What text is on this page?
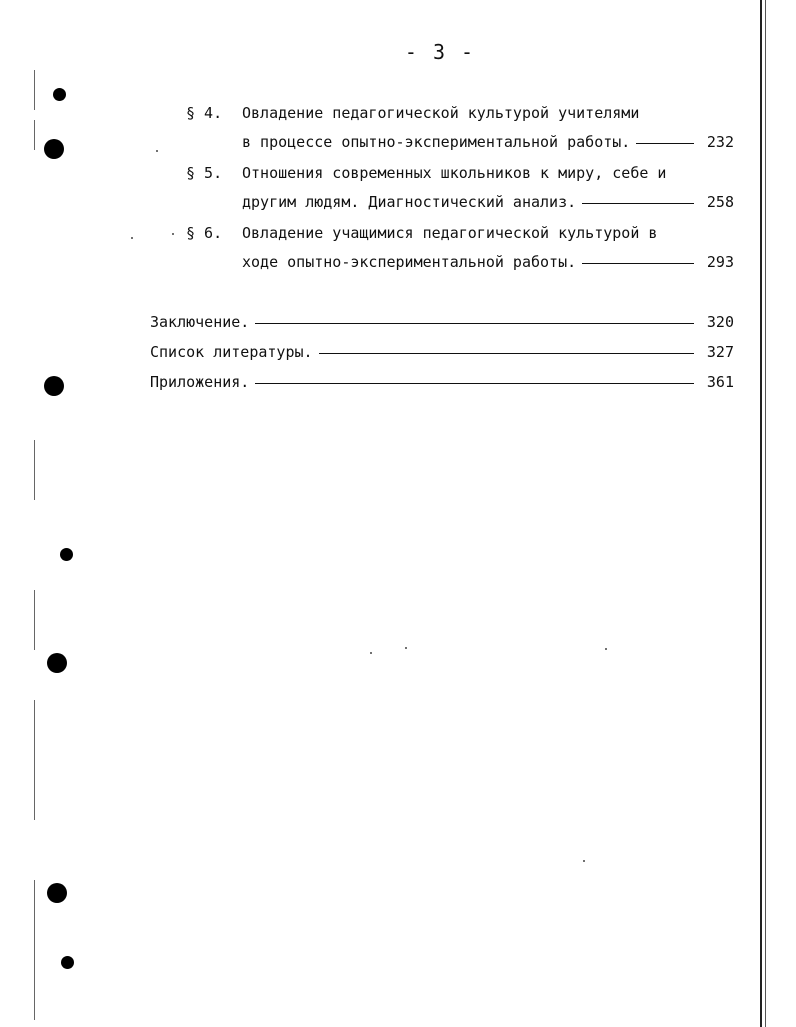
- 3 -
§ 4.	Овладение педагогической культурой учителями
в процессе опытно-экспериментальной работы.	232
§ 5.	Отношения современных школьников к миру, себе и
другим людям. Диагностический анализ.	258
§ 6.	Овладение учащимися педагогической культурой в
ходе опытно-экспериментальной работы.	293
Заключение.	320
Список литературы.	327
Приложения.	361
